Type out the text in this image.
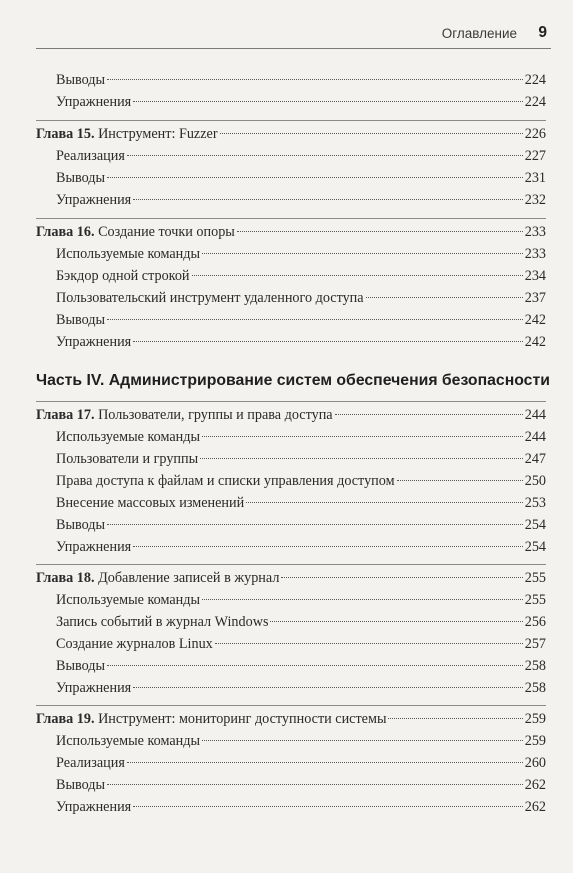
Оглавление 9
Часть IV. Администрирование систем обеспечения безопасности
Выводы	224
Упражнения	224
Глава 15. Инструмент: Fuzzer	226
Реализация	227
Выводы	231
Упражнения	232
Глава 16. Создание точки опоры	233
Используемые команды	233
Бэкдор одной строкой	234
Пользовательский инструмент удаленного доступа	237
Выводы	242
Упражнения	242
Глава 17. Пользователи, группы и права доступа	244
Используемые команды	244
Пользователи и группы	247
Права доступа к файлам и списки управления доступом	250
Внесение массовых изменений	253
Выводы	254
Упражнения	254
Глава 18. Добавление записей в журнал	255
Используемые команды	255
Запись событий в журнал Windows	256
Создание журналов Linux	257
Выводы	258
Упражнения	258
Глава 19. Инструмент: мониторинг доступности системы	259
Используемые команды	259
Реализация	260
Выводы	262
Упражнения	262
